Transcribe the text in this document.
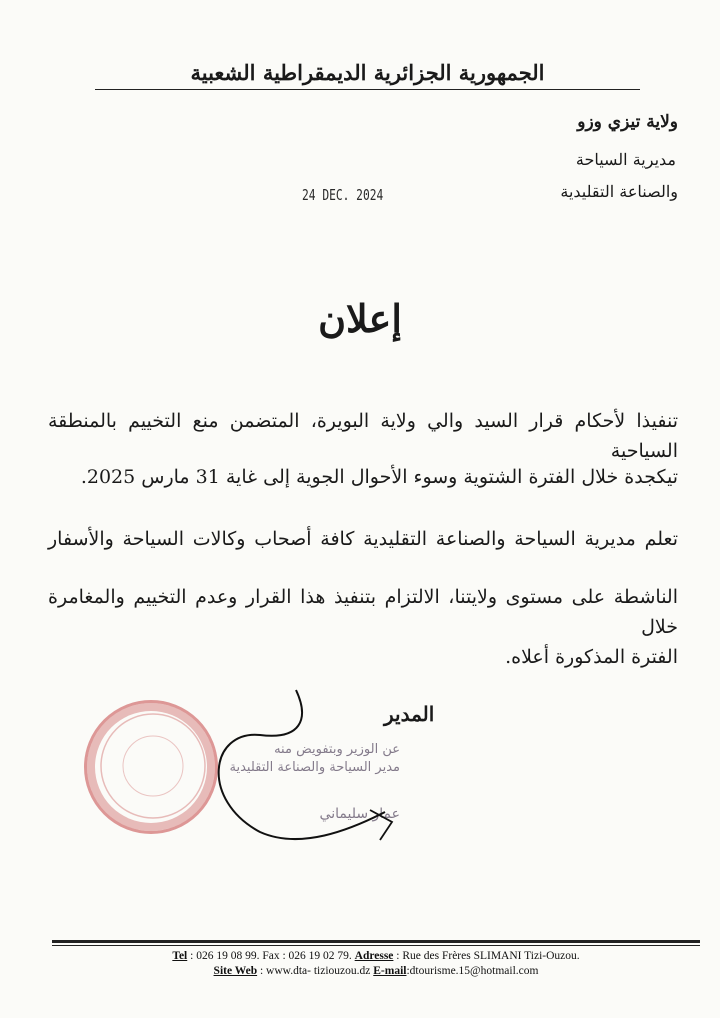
الجمهورية الجزائرية الديمقراطية الشعبية
ولاية تيزي وزو
مديرية السياحة
والصناعة التقليدية
24 DEC. 2024
إعلان
تنفيذا لأحكام قرار السيد والي ولاية البويرة، المتضمن منع التخييم بالمنطقة السياحية
تيكجدة خلال الفترة الشتوية وسوء الأحوال الجوية إلى غاية 31 مارس 2025.
تعلم مديرية السياحة والصناعة التقليدية كافة أصحاب وكالات السياحة والأسفار
الناشطة على مستوى ولايتنا، الالتزام بتنفيذ هذا القرار وعدم التخييم والمغامرة خلال
الفترة المذكورة أعلاه.
المدير
عن الوزير وبتفويض منه
مدير السياحة والصناعة التقليدية
عمار سليماني
Tel : 026 19 08 99. Fax : 026 19 02 79. Adresse : Rue des Frères SLIMANI Tizi-Ouzou.
Site Web : www.dta- tiziouzou.dz E-mail:dtourisme.15@hotmail.com
